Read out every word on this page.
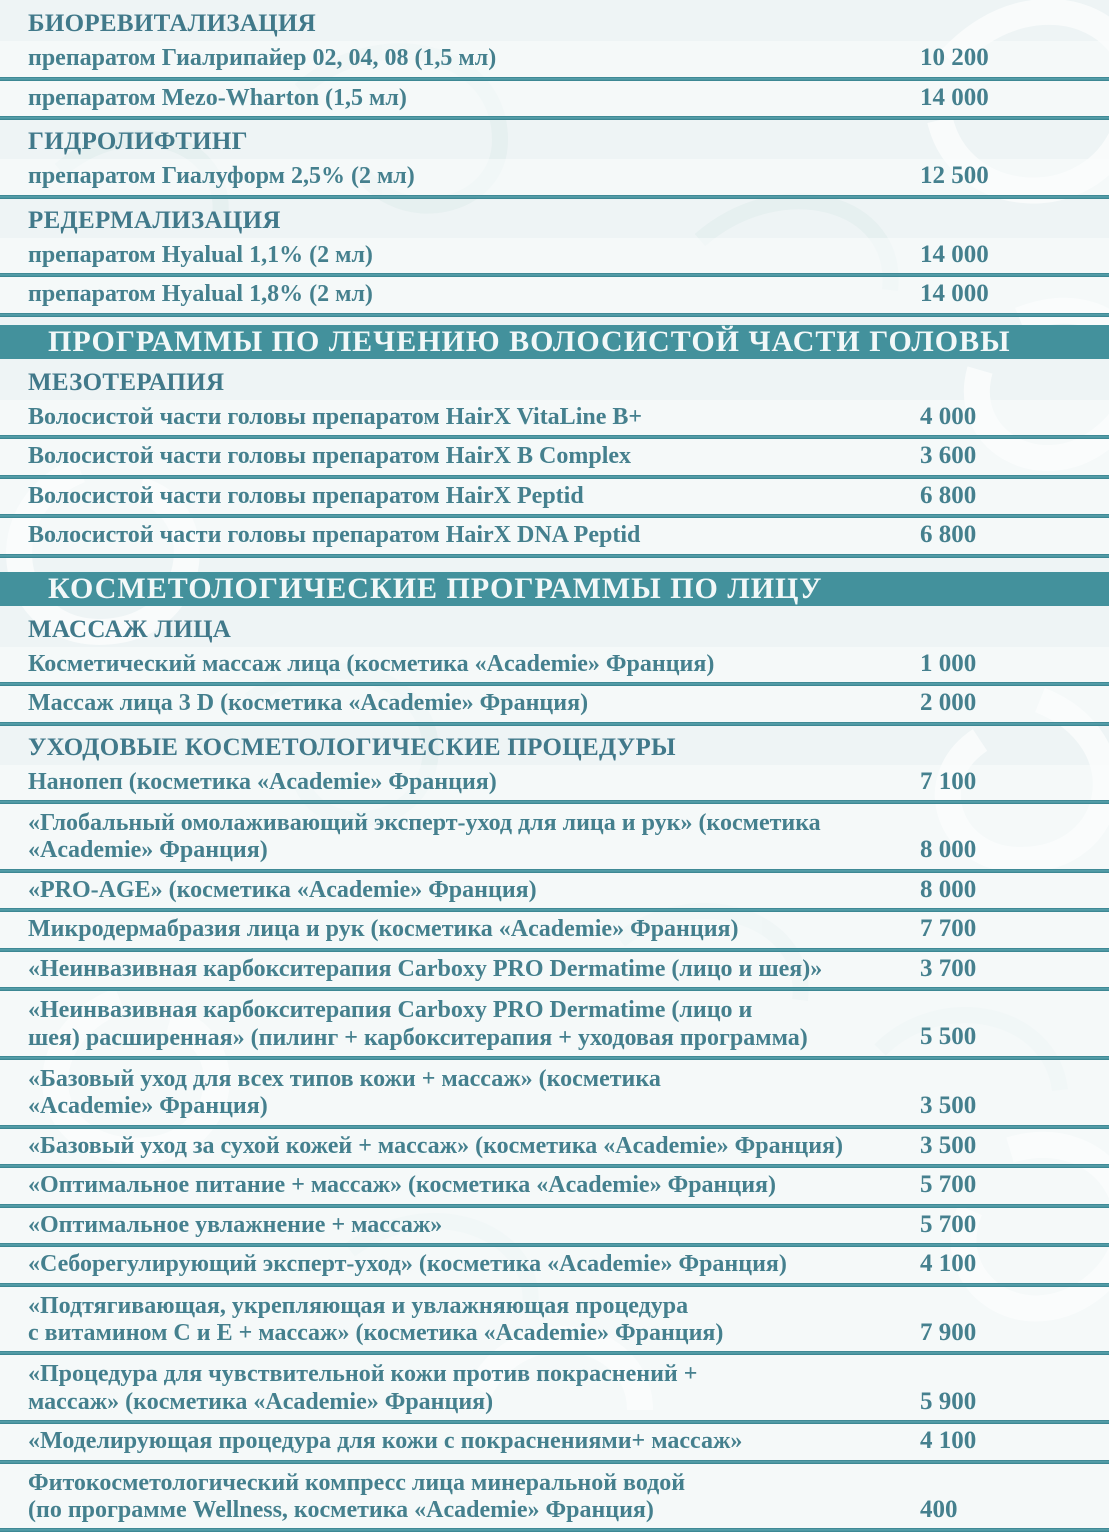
БИОРЕВИТАЛИЗАЦИЯ
препаратом Гиалрипайер 02, 04, 08 (1,5 мл)	10 200
препаратом Mezo-Wharton (1,5 мл)	14 000
ГИДРОЛИФТИНГ
препаратом Гиалуформ 2,5% (2 мл)	12 500
РЕДЕРМАЛИЗАЦИЯ
препаратом Hyalual 1,1% (2 мл)	14 000
препаратом Hyalual 1,8% (2 мл)	14 000
ПРОГРАММЫ ПО ЛЕЧЕНИЮ ВОЛОСИСТОЙ ЧАСТИ ГОЛОВЫ
МЕЗОТЕРАПИЯ
Волосистой части головы препаратом HairX VitaLine B+	4 000
Волосистой части головы препаратом HairX B Complex	3 600
Волосистой части головы препаратом HairX Peptid	6 800
Волосистой части головы препаратом HairX DNA Peptid	6 800
КОСМЕТОЛОГИЧЕСКИЕ ПРОГРАММЫ ПО ЛИЦУ
МАССАЖ ЛИЦА
Косметический массаж лица (косметика «Academie» Франция)	1 000
Массаж лица 3 D (косметика «Academie» Франция)	2 000
УХОДОВЫЕ КОСМЕТОЛОГИЧЕСКИЕ ПРОЦЕДУРЫ
Нанопеп (косметика «Academie» Франция)	7 100
«Глобальный омолаживающий эксперт-уход для лица и рук» (косметика
«Academie» Франция)	8 000
«PRO-AGE» (косметика «Academie» Франция)	8 000
Микродермабразия лица и рук (косметика «Academie» Франция)	7 700
«Неинвазивная карбокситерапия Carboxy PRO Dermatime (лицо и шея)»	3 700
«Неинвазивная карбокситерапия Carboxy PRO Dermatime (лицо и
шея) расширенная» (пилинг + карбокситерапия + уходовая программа)	5 500
«Базовый уход для всех типов кожи + массаж» (косметика
«Academie» Франция)	3 500
«Базовый уход за сухой кожей + массаж» (косметика «Academie» Франция)	3 500
«Оптимальное питание + массаж» (косметика «Academie» Франция)	5 700
«Оптимальное увлажнение + массаж»	5 700
«Себорегулирующий эксперт-уход» (косметика «Academie» Франция)	4 100
«Подтягивающая, укрепляющая и увлажняющая процедура
с витамином С и Е + массаж» (косметика «Academie» Франция)	7 900
«Процедура для чувствительной кожи против покраснений +
массаж» (косметика «Academie» Франция)	5 900
«Моделирующая процедура для кожи с покраснениями+ массаж»	4 100
Фитокосметологический компресс лица минеральной водой
(по программе Wellness, косметика «Academie» Франция)	400
